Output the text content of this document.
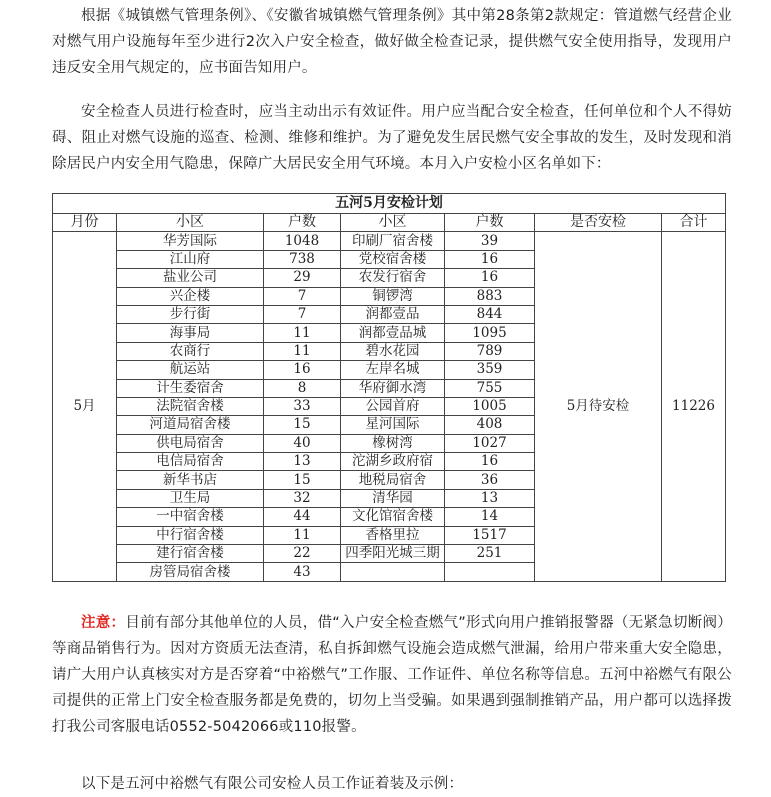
根据《城镇燃气管理条例》、《安徽省城镇燃气管理条例》其中第28条第2款规定：管道燃气经营企业对燃气用户设施每年至少进行2次入户安全检查，做好做全检查记录，提供燃气安全使用指导，发现用户违反安全用气规定的，应书面告知用户。

安全检查人员进行检查时，应当主动出示有效证件。用户应当配合安全检查，任何单位和个人不得妨碍、阻止对燃气设施的巡查、检测、维修和维护。为了避免发生居民燃气安全事故的发生，及时发现和消除居民户内安全用气隐患，保障广大居民安全用气环境。本月入户安检小区名单如下：

五河5月安检计划						
月份	小区	户数	小区	户数	是否安检	合计
5月	华芳国际	1048	印刷厂宿舍楼	39	5月待安检	11226
	江山府	738	党校宿舍楼	16		
	盐业公司	29	农发行宿舍	16		
	兴企楼	7	铜锣湾	883		
	步行街	7	润都壹品	844		
	海事局	11	润都壹品城	1095		
	农商行	11	碧水花园	789		
	航运站	16	左岸名城	359		
	计生委宿舍	8	华府御水湾	755		
	法院宿舍楼	33	公园首府	1005		
	河道局宿舍楼	15	星河国际	408		
	供电局宿舍	40	橡树湾	1027		
	电信局宿舍	13	沱湖乡政府宿	16		
	新华书店	15	地税局宿舍	36		
	卫生局	32	清华园	13		
	一中宿舍楼	44	文化馆宿舍楼	14		
	中行宿舍楼	11	香格里拉	1517		
	建行宿舍楼	22	四季阳光城三期	251		
	房管局宿舍楼	43				

注意：目前有部分其他单位的人员，借“入户安全检查燃气”形式向用户推销报警器（无紧急切断阀）等商品销售行为。因对方资质无法查清，私自拆卸燃气设施会造成燃气泄漏，给用户带来重大安全隐患，请广大用户认真核实对方是否穿着“中裕燃气”工作服、工作证件、单位名称等信息。五河中裕燃气有限公司提供的正常上门安全检查服务都是免费的，切勿上当受骗。如果遇到强制推销产品，用户都可以选择拨打我公司客服电话0552-5042066或110报警。

以下是五河中裕燃气有限公司安检人员工作证着装及示例：
